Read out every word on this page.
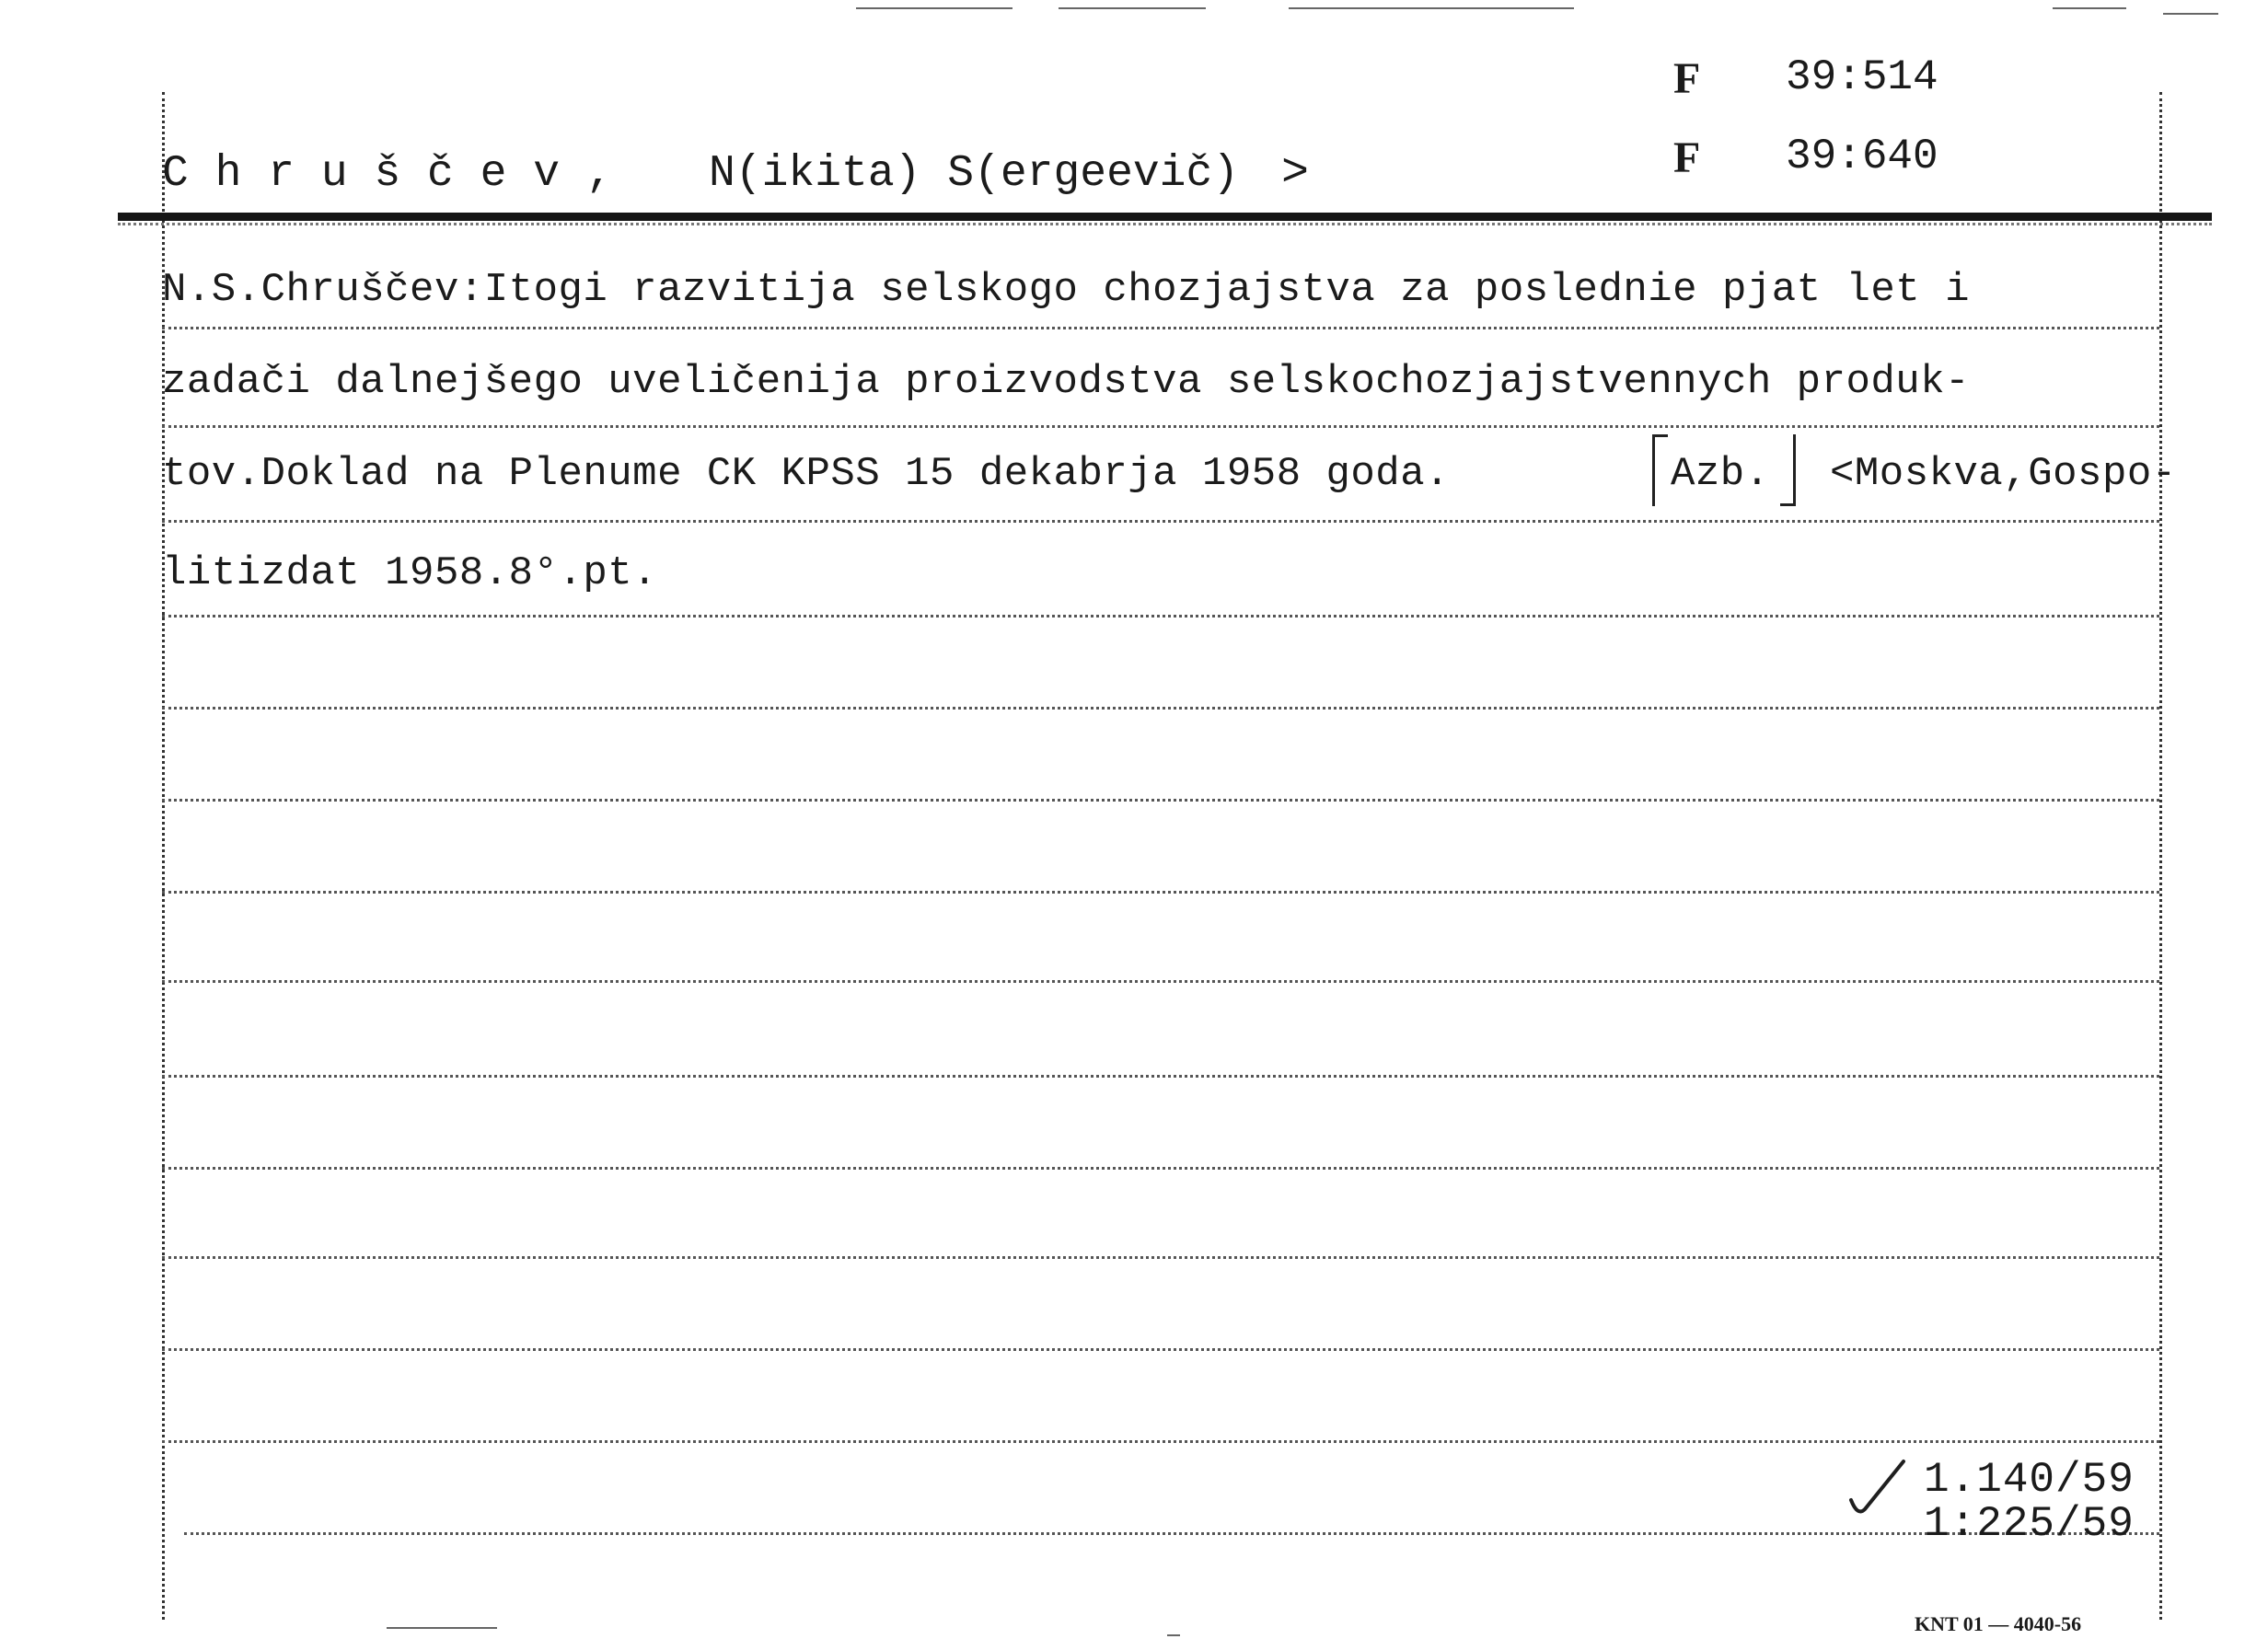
F 39:514
F 39:640
C h r u š č e v , N(ikita) S(ergeevič) >
N.S.Chruščev:Itogi razvitija selskogo chozjajstva za poslednie pjat let i
zadači dalnejšego uveličenija proizvodstva selskochozjajstvennych produk-
tov.Doklad na Plenume CK KPSS 15 dekabrja 1958 goda.	Azb. <Moskva,Gospo-
litizdat 1958.8°.pt.
1.140/59
1:225/59
KNT 01 — 4040-56
